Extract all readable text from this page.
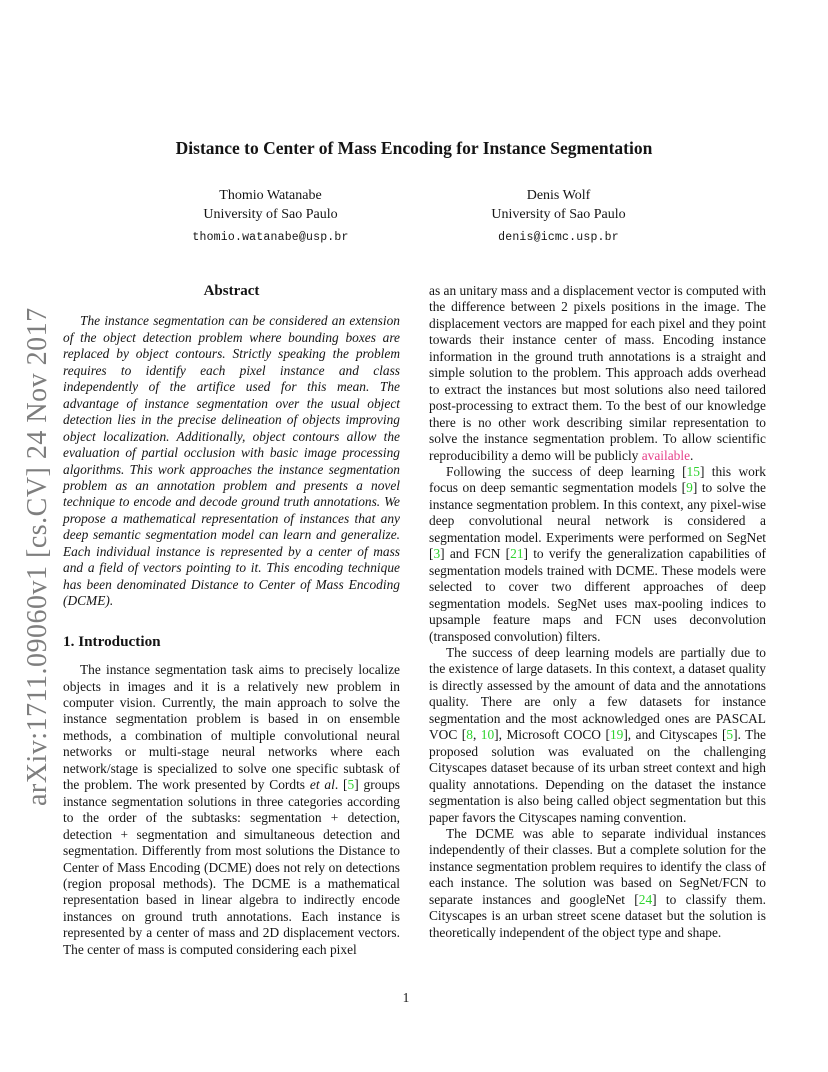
arXiv:1711.09060v1 [cs.CV] 24 Nov 2017
Distance to Center of Mass Encoding for Instance Segmentation
Thomio Watanabe
University of Sao Paulo
thomio.watanabe@usp.br
Denis Wolf
University of Sao Paulo
denis@icmc.usp.br
Abstract

The instance segmentation can be considered an extension of the object detection problem where bounding boxes are replaced by object contours. Strictly speaking the problem requires to identify each pixel instance and class independently of the artifice used for this mean. The advantage of instance segmentation over the usual object detection lies in the precise delineation of objects improving object localization. Additionally, object contours allow the evaluation of partial occlusion with basic image processing algorithms. This work approaches the instance segmentation problem as an annotation problem and presents a novel technique to encode and decode ground truth annotations. We propose a mathematical representation of instances that any deep semantic segmentation model can learn and generalize. Each individual instance is represented by a center of mass and a field of vectors pointing to it. This encoding technique has been denominated Distance to Center of Mass Encoding (DCME).

1. Introduction

The instance segmentation task aims to precisely localize objects in images and it is a relatively new problem in computer vision. Currently, the main approach to solve the instance segmentation problem is based in on ensemble methods, a combination of multiple convolutional neural networks or multi-stage neural networks where each network/stage is specialized to solve one specific subtask of the problem. The work presented by Cordts et al. [5] groups instance segmentation solutions in three categories according to the order of the subtasks: segmentation + detection, detection + segmentation and simultaneous detection and segmentation. Differently from most solutions the Distance to Center of Mass Encoding (DCME) does not rely on detections (region proposal methods). The DCME is a mathematical representation based in linear algebra to indirectly encode instances on ground truth annotations. Each instance is represented by a center of mass and 2D displacement vectors. The center of mass is computed considering each pixel

as an unitary mass and a displacement vector is computed with the difference between 2 pixels positions in the image. The displacement vectors are mapped for each pixel and they point towards their instance center of mass. Encoding instance information in the ground truth annotations is a straight and simple solution to the problem. This approach adds overhead to extract the instances but most solutions also need tailored post-processing to extract them. To the best of our knowledge there is no other work describing similar representation to solve the instance segmentation problem. To allow scientific reproducibility a demo will be publicly available.

Following the success of deep learning [15] this work focus on deep semantic segmentation models [9] to solve the instance segmentation problem. In this context, any pixel-wise deep convolutional neural network is considered a segmentation model. Experiments were performed on SegNet [3] and FCN [21] to verify the generalization capabilities of segmentation models trained with DCME. These models were selected to cover two different approaches of deep segmentation models. SegNet uses max-pooling indices to upsample feature maps and FCN uses deconvolution (transposed convolution) filters.

The success of deep learning models are partially due to the existence of large datasets. In this context, a dataset quality is directly assessed by the amount of data and the annotations quality. There are only a few datasets for instance segmentation and the most acknowledged ones are PASCAL VOC [8, 10], Microsoft COCO [19], and Cityscapes [5]. The proposed solution was evaluated on the challenging Cityscapes dataset because of its urban street context and high quality annotations. Depending on the dataset the instance segmentation is also being called object segmentation but this paper favors the Cityscapes naming convention.

The DCME was able to separate individual instances independently of their classes. But a complete solution for the instance segmentation problem requires to identify the class of each instance. The solution was based on SegNet/FCN to separate instances and googleNet [24] to classify them. Cityscapes is an urban street scene dataset but the solution is theoretically independent of the object type and shape.

1
